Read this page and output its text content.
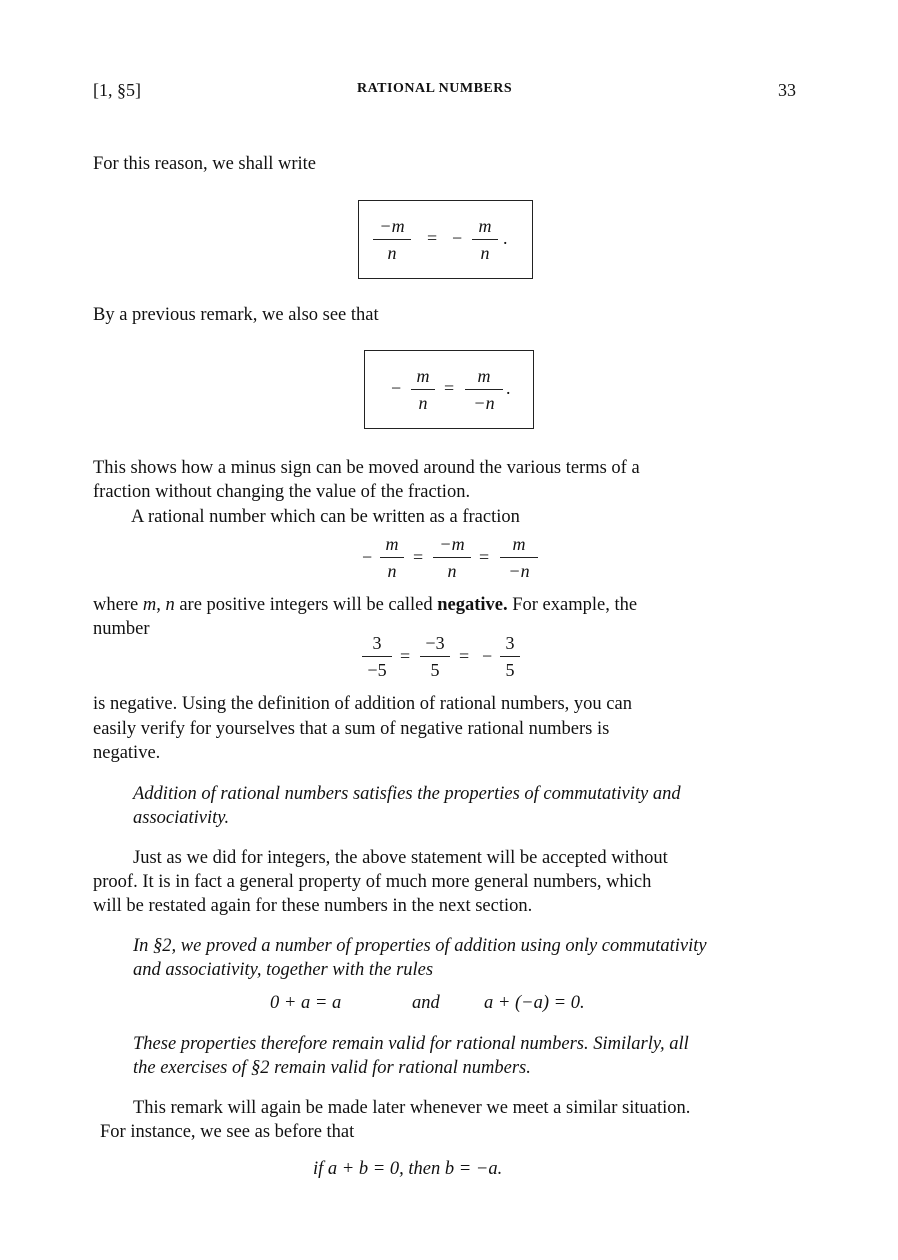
[1, §5]	RATIONAL NUMBERS	33
For this reason, we shall write
−m
n
= −
m
n
.
By a previous remark, we also see that
−
m
n
=
m
−n
.
This shows how a minus sign can be moved around the various terms of a
fraction without changing the value of the fraction.
A rational number which can be written as a fraction
−
m
n
=
−m
n
=
m
−n
where m, n are positive integers will be called negative. For example, the
number
3
−5
=
−3
5
= −
3
5
is negative. Using the definition of addition of rational numbers, you can
easily verify for yourselves that a sum of negative rational numbers is
negative.
Addition of rational numbers satisfies the properties of commutativity and
associativity.
Just as we did for integers, the above statement will be accepted without
proof. It is in fact a general property of much more general numbers, which
will be restated again for these numbers in the next section.
In §2, we proved a number of properties of addition using only commutativity
and associativity, together with the rules
0 + a = a	and a + (−a) = 0.
These properties therefore remain valid for rational numbers. Similarly, all
the exercises of §2 remain valid for rational numbers.
This remark will again be made later whenever we meet a similar situation.
For instance, we see as before that
if a + b = 0, then b = −a.
